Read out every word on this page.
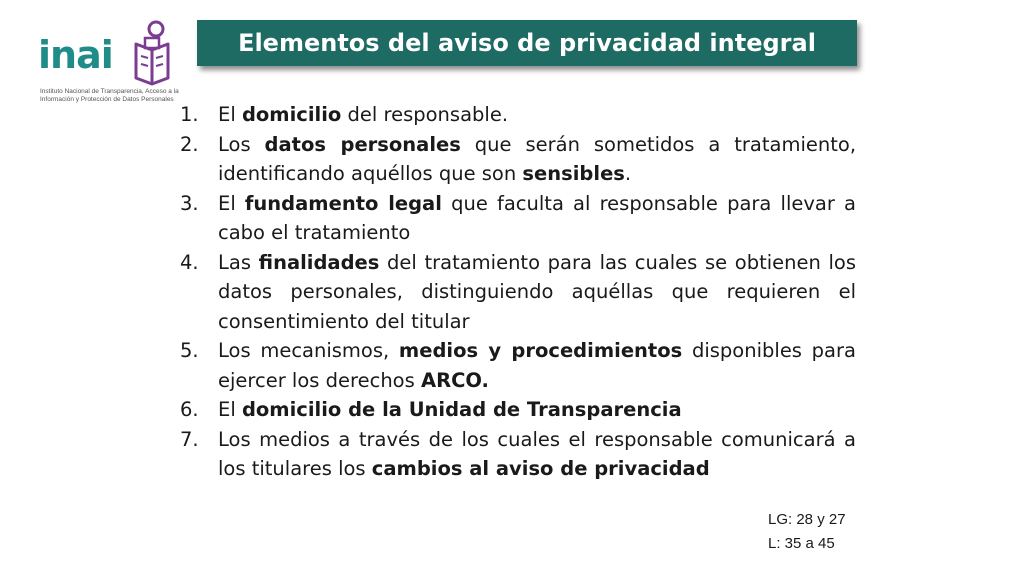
inai
Instituto Nacional de Transparencia, Acceso a la
Información y Protección de Datos Personales
Elementos del aviso de privacidad integral
1. El domicilio del responsable.
2. Los datos personales que serán sometidos a tratamiento, identificando aquéllos que son sensibles.
3. El fundamento legal que faculta al responsable para llevar a cabo el tratamiento
4. Las finalidades del tratamiento para las cuales se obtienen los datos personales, distinguiendo aquéllas que requieren el consentimiento del titular
5. Los mecanismos, medios y procedimientos disponibles para ejercer los derechos ARCO.
6. El domicilio de la Unidad de Transparencia
7. Los medios a través de los cuales el responsable comunicará a los titulares los cambios al aviso de privacidad
LG: 28 y 27
L: 35 a 45
